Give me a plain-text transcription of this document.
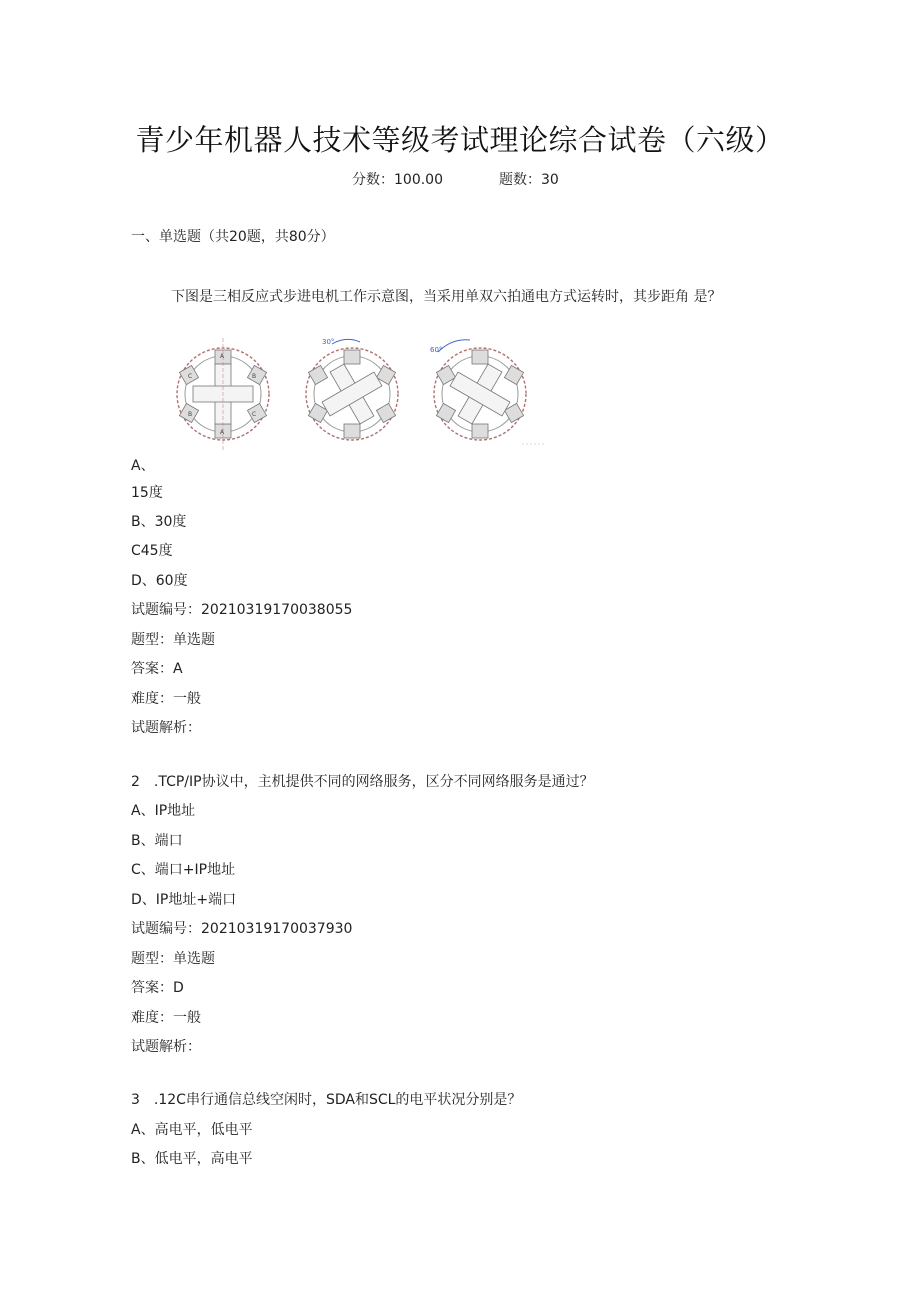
青少年机器人技术等级考试理论综合试卷（六级）
分数：100.00	题数：30
一、单选题（共20题，共80分）
下图是三相反应式步进电机工作示意图，当采用单双六拍通电方式运转时，其步距角 是？
A
B
C
A
B
C
30°
60°
A、
15度
B、30度
C45度
D、60度
试题编号：20210319170038055
题型：单选题
答案：A
难度：一般
试题解析：
2　.TCP/IP协议中，主机提供不同的网络服务，区分不同网络服务是通过？
A、IP地址
B、端口
C、端口+IP地址
D、IP地址+端口
试题编号：20210319170037930
题型：单选题
答案：D
难度：一般
试题解析：
3　.12C串行通信总线空闲时，SDA和SCL的电平状况分别是？
A、高电平，低电平
B、低电平，高电平
